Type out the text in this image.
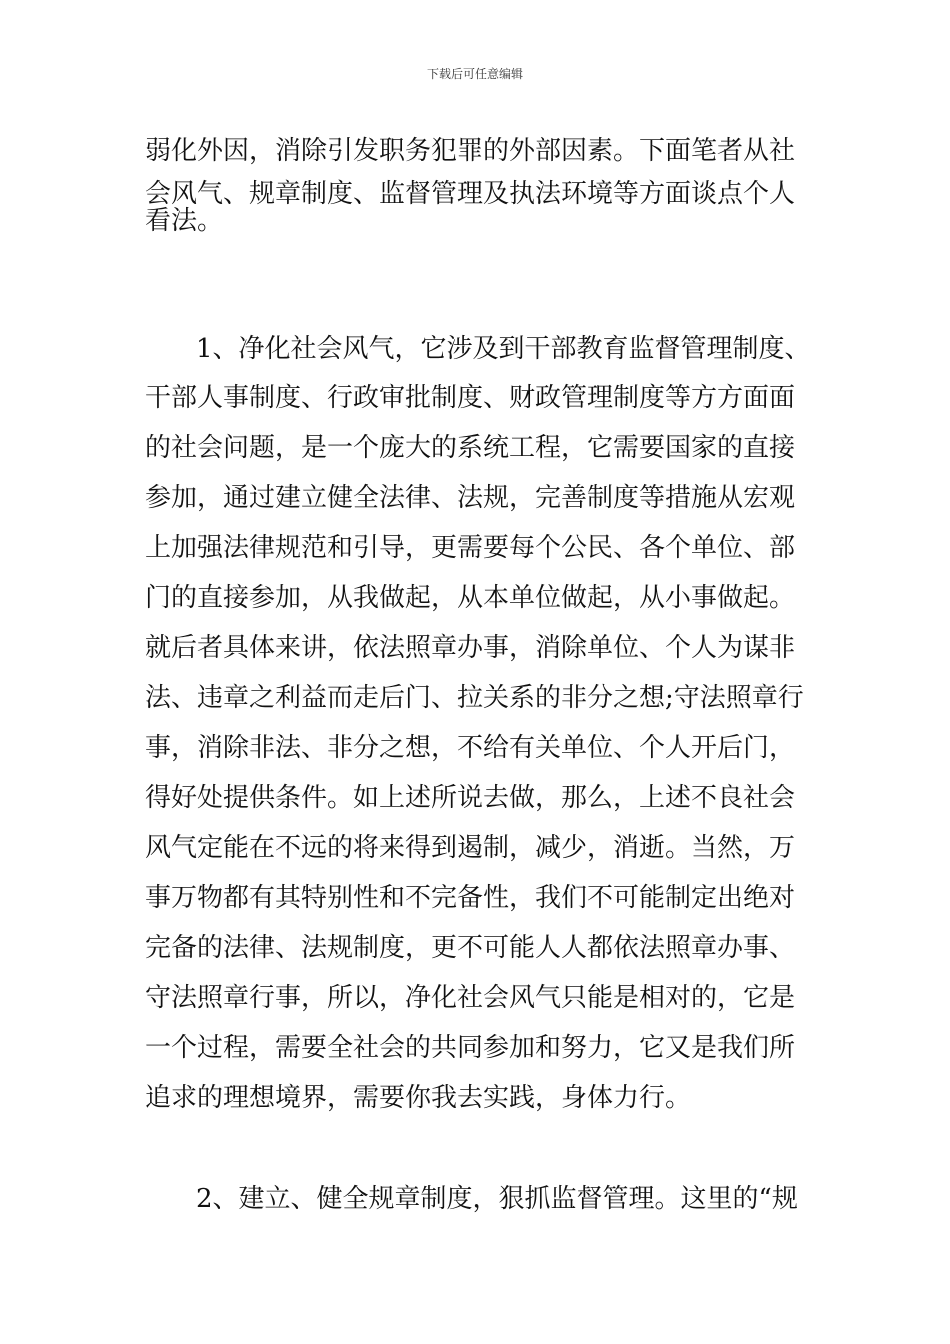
下载后可任意编辑
弱化外因，消除引发职务犯罪的外部因素。下面笔者从社
会风气、规章制度、监督管理及执法环境等方面谈点个人
看法。
1、净化社会风气，它涉及到干部教育监督管理制度、
干部人事制度、行政审批制度、财政管理制度等方方面面
的社会问题，是一个庞大的系统工程，它需要国家的直接
参加，通过建立健全法律、法规，完善制度等措施从宏观
上加强法律规范和引导，更需要每个公民、各个单位、部
门的直接参加，从我做起，从本单位做起，从小事做起。
就后者具体来讲，依法照章办事，消除单位、个人为谋非
法、违章之利益而走后门、拉关系的非分之想;守法照章行
事，消除非法、非分之想，不给有关单位、个人开后门，
得好处提供条件。如上述所说去做，那么，上述不良社会
风气定能在不远的将来得到遏制，减少，消逝。当然，万
事万物都有其特别性和不完备性，我们不可能制定出绝对
完备的法律、法规制度，更不可能人人都依法照章办事、
守法照章行事，所以，净化社会风气只能是相对的，它是
一个过程，需要全社会的共同参加和努力，它又是我们所
追求的理想境界，需要你我去实践，身体力行。
2、建立、健全规章制度，狠抓监督管理。这里的“规
